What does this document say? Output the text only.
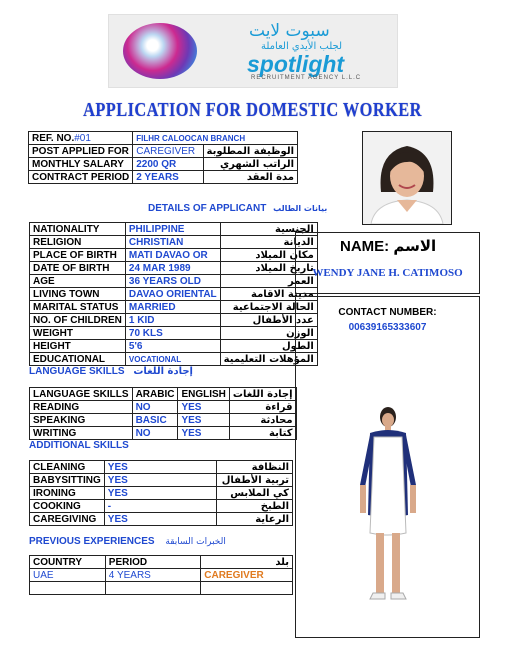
سبوت لايت
لجلب الأيدي العاملة
spotlight
RECRUITMENT AGENCY L.L.C
APPLICATION FOR DOMESTIC WORKER
REF. NO.#01	FILHR CALOOCAN BRANCH	
POST APPLIED FOR	CAREGIVER	الوظيفة المطلوبة
MONTHLY SALARY	2200 QR	الراتب الشهري
CONTRACT PERIOD	2 YEARS	مدة العقد
DETAILS OF APPLICANT بيانات الطالب
NATIONALITY	PHILIPPINE	الجنسية
RELIGION	CHRISTIAN	الديانة
PLACE OF BIRTH	MATI DAVAO OR	مكان الميلاد
DATE OF BIRTH	24 MAR 1989	تاريخ الميلاد
AGE	36 YEARS OLD	العمر
LIVING TOWN	DAVAO ORIENTAL	مدينة الاقامة
MARITAL STATUS	MARRIED	الحالة الاجتماعية
NO. OF CHILDREN	1 KID	عدد الأطفال
WEIGHT	70 KLS	الوزن
HEIGHT	5'6	الطول
EDUCATIONAL	VOCATIONAL	المؤهلات التعليمية
NAME: الاسم
WENDY JANE H. CATIMOSO
CONTACT NUMBER:
00639165333607
LANGUAGE SKILLS إجادة اللغات
LANGUAGE SKILLS	ARABIC	ENGLISH	إجادة اللغات
READING	NO	YES	قراءة
SPEAKING	BASIC	YES	محادثة
WRITING	NO	YES	كتابة
ADDITIONAL SKILLS
CLEANING	YES	النظافة
BABYSITTING	YES	تربية الأطفال
IRONING	YES	كي الملابس
COOKING	-	الطبخ
CAREGIVING	YES	الرعاية
PREVIOUS EXPERIENCES الخبرات السابقة
COUNTRY	PERIOD	بلد
UAE	4 YEARS	CAREGIVER
